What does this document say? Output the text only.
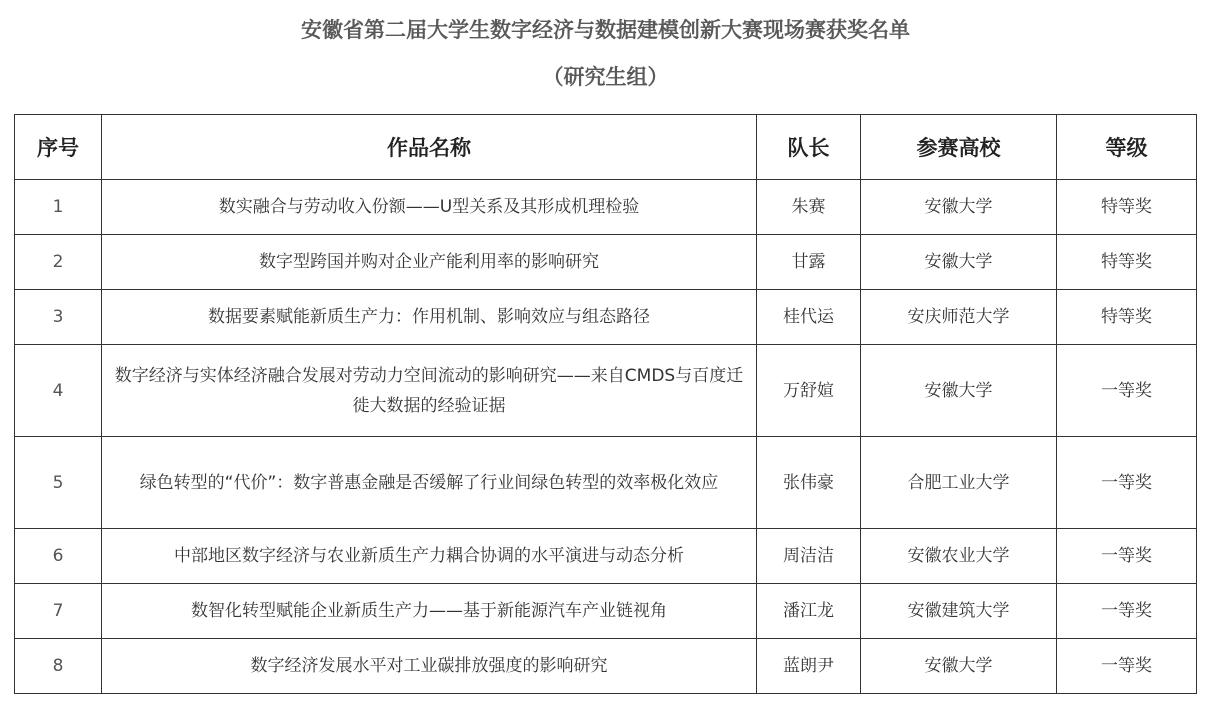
安徽省第二届大学生数字经济与数据建模创新大赛现场赛获奖名单
（研究生组）
序号	作品名称	队长	参赛高校	等级
1	数实融合与劳动收入份额——U型关系及其形成机理检验	朱赛	安徽大学	特等奖
2	数字型跨国并购对企业产能利用率的影响研究	甘露	安徽大学	特等奖
3	数据要素赋能新质生产力：作用机制、影响效应与组态路径	桂代运	安庆师范大学	特等奖
4	数字经济与实体经济融合发展对劳动力空间流动的影响研究——来自CMDS与百度迁徙大数据的经验证据	万舒媗	安徽大学	一等奖
5	绿色转型的“代价”：数字普惠金融是否缓解了行业间绿色转型的效率极化效应	张伟豪	合肥工业大学	一等奖
6	中部地区数字经济与农业新质生产力耦合协调的水平演进与动态分析	周洁洁	安徽农业大学	一等奖
7	数智化转型赋能企业新质生产力——基于新能源汽车产业链视角	潘江龙	安徽建筑大学	一等奖
8	数字经济发展水平对工业碳排放强度的影响研究	蓝朗尹	安徽大学	一等奖
